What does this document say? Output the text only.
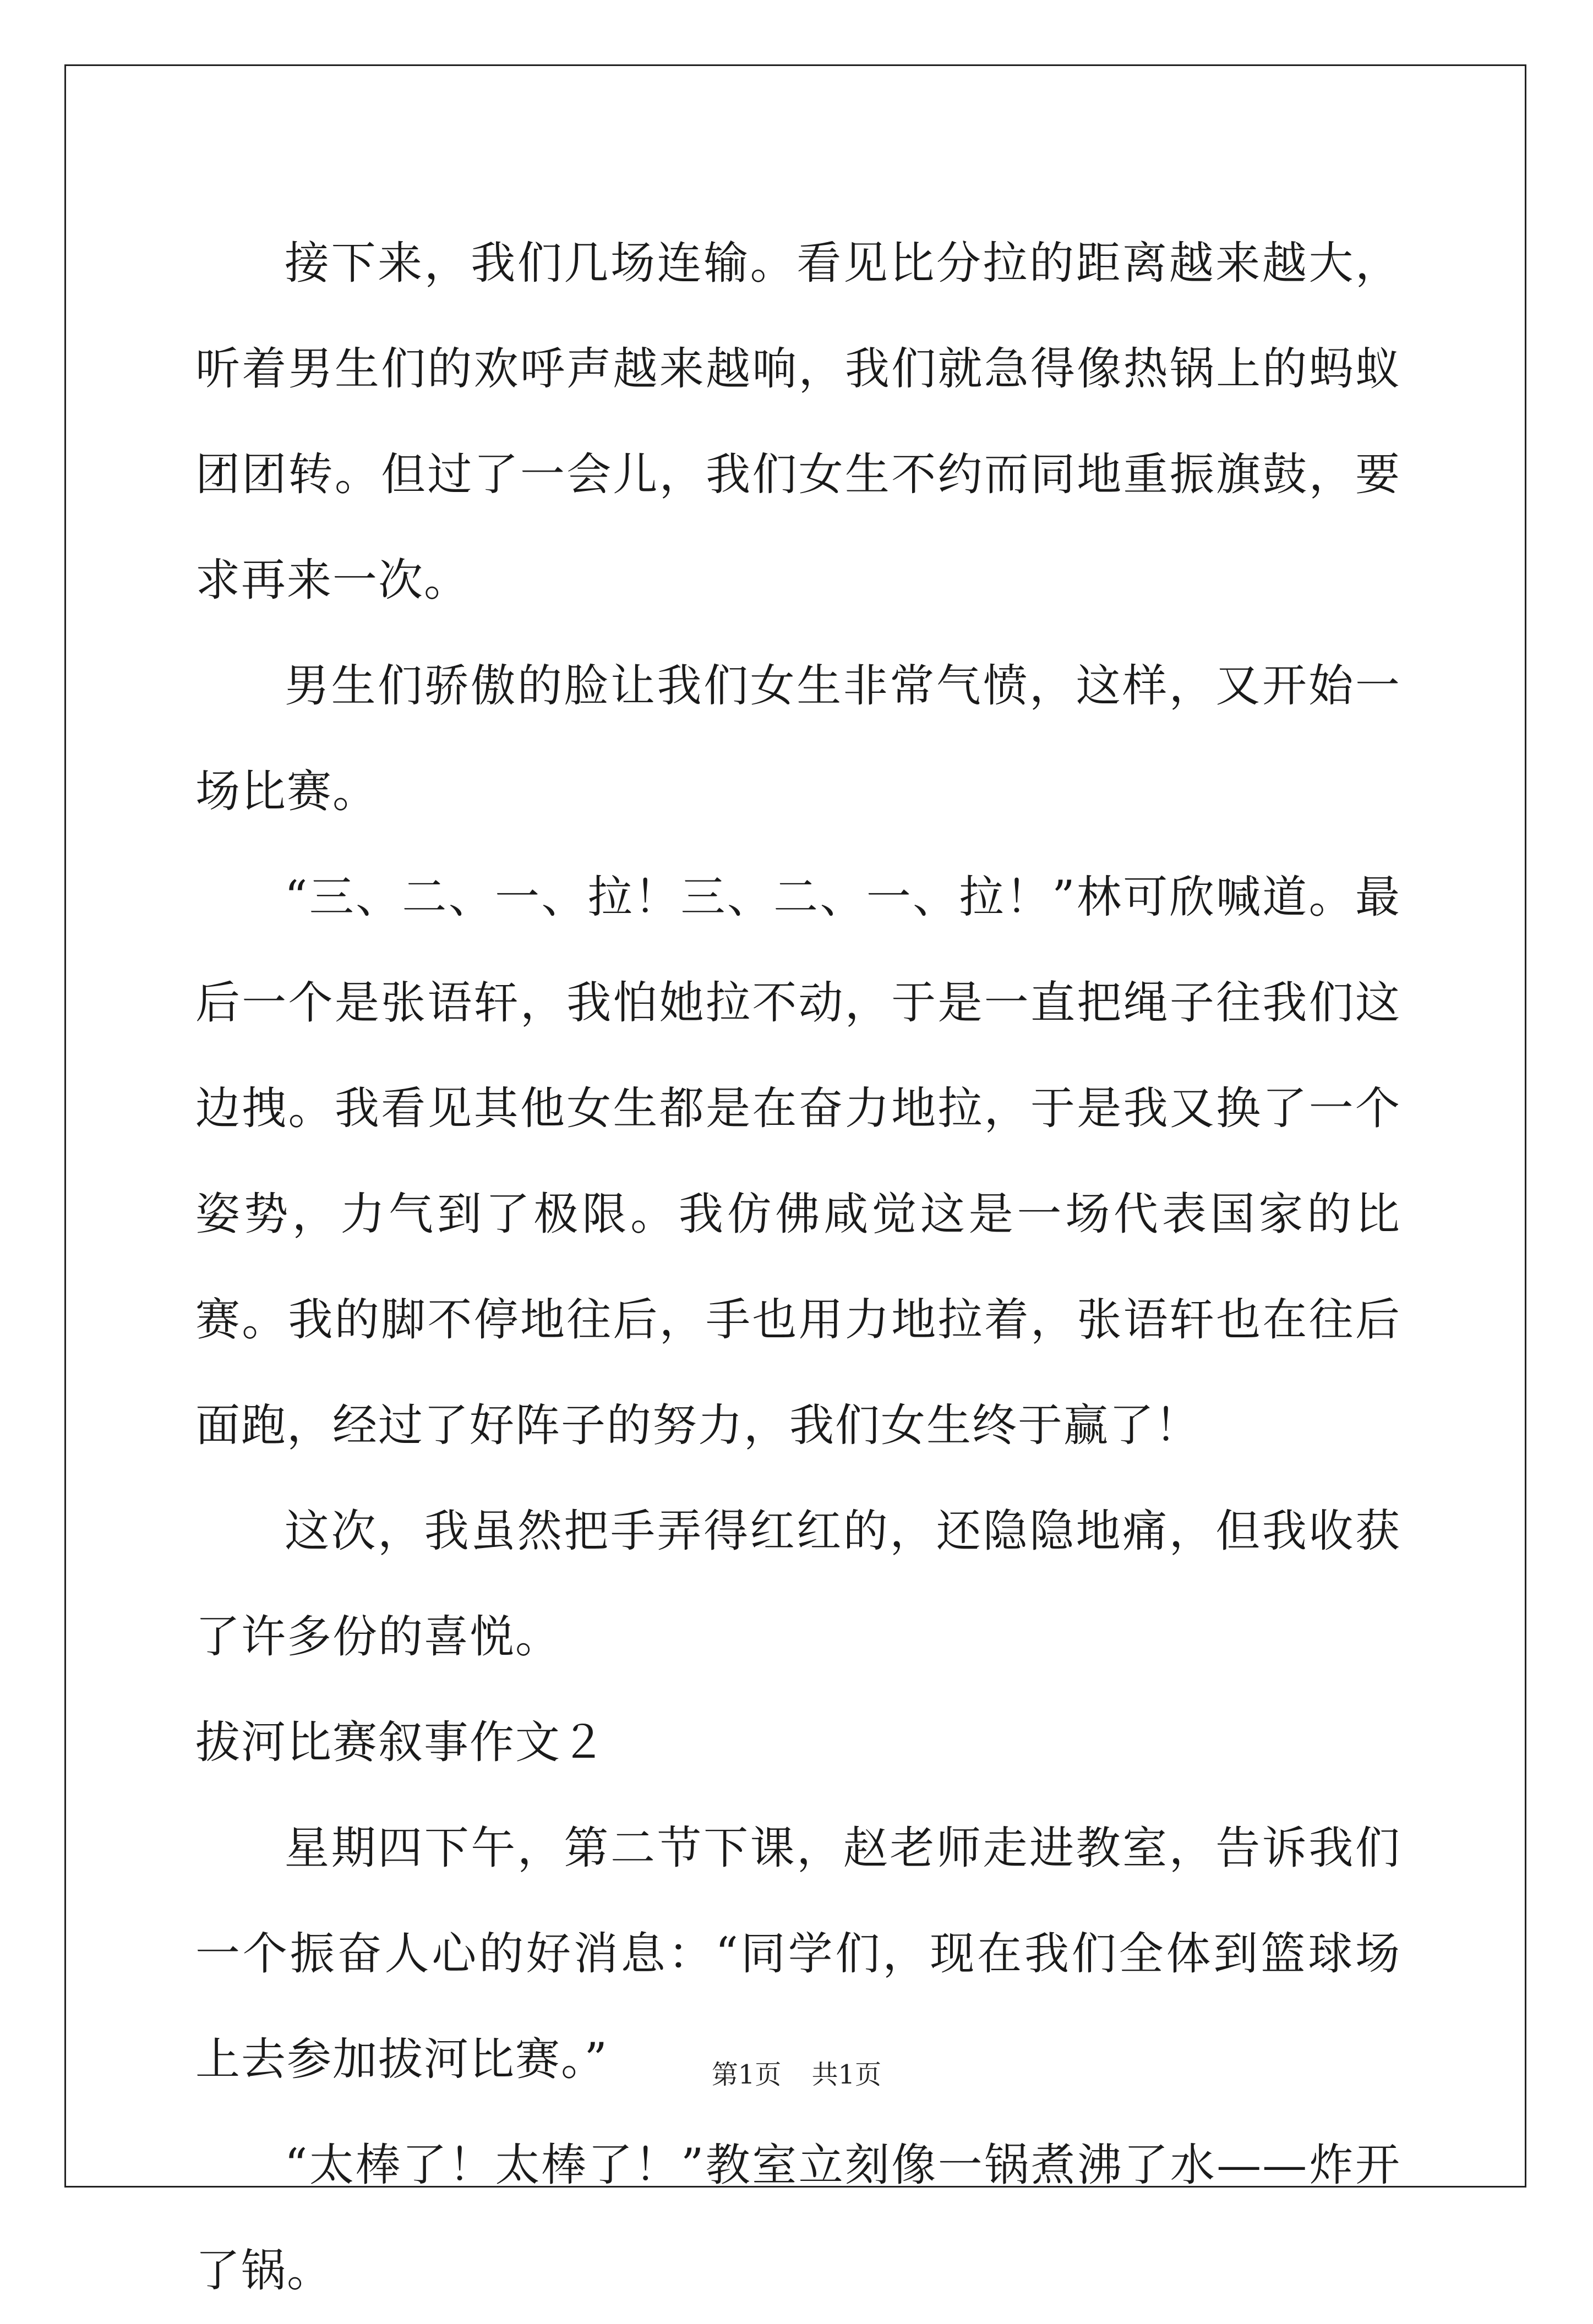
接下来，我们几场连输。看见比分拉的距离越来越大，听着男生们的欢呼声越来越响，我们就急得像热锅上的蚂蚁团团转。但过了一会儿，我们女生不约而同地重振旗鼓，要求再来一次。

男生们骄傲的脸让我们女生非常气愤，这样，又开始一场比赛。

“三、二、一、拉！三、二、一、拉！”林可欣喊道。最后一个是张语轩，我怕她拉不动，于是一直把绳子往我们这边拽。我看见其他女生都是在奋力地拉，于是我又换了一个姿势，力气到了极限。我仿佛咸觉这是一场代表国家的比赛。我的脚不停地往后，手也用力地拉着，张语轩也在往后面跑，经过了好阵子的努力，我们女生终于赢了！

这次，我虽然把手弄得红红的，还隐隐地痛，但我收获了许多份的喜悦。

拔河比赛叙事作文２

星期四下午，第二节下课，赵老师走进教室，告诉我们一个振奋人心的好消息：“同学们，现在我们全体到篮球场上去参加拔河比赛。”

“太棒了！太棒了！”教室立刻像一锅煮沸了水——炸开了锅。

第1页 共1页
